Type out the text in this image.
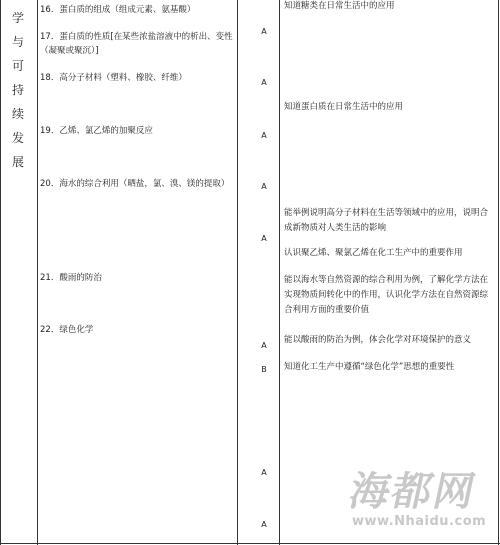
学
与
可
持
续
发
展
16．蛋白质的组成（组成元素、氨基酸）
17．蛋白质的性质[在某些浓盐溶液中的析出、变性（凝聚或聚沉）]
18．高分子材料（塑料、橡胶、纤维）
19．乙烯、氯乙烯的加聚反应
20．海水的综合利用（晒盐，氯、溴、镁的提取）
21．酸雨的防治
22．绿色化学
A
A
A
A
A
A
B
A
A
知道糖类在日常生活中的应用
知道蛋白质在日常生活中的应用
能举例说明高分子材料在生活等领域中的应用，说明合成新物质对人类生活的影响
认识聚乙烯、聚氯乙烯在化工生产中的重要作用
能以海水等自然资源的综合利用为例，了解化学方法在实现物质间转化中的作用，认识化学方法在自然资源综合利用方面的重要价值
能以酸雨的防治为例，体会化学对环境保护的意义
知道化工生产中遵循“绿色化学”思想的重要性
海都网
www.Nhaidu.com
